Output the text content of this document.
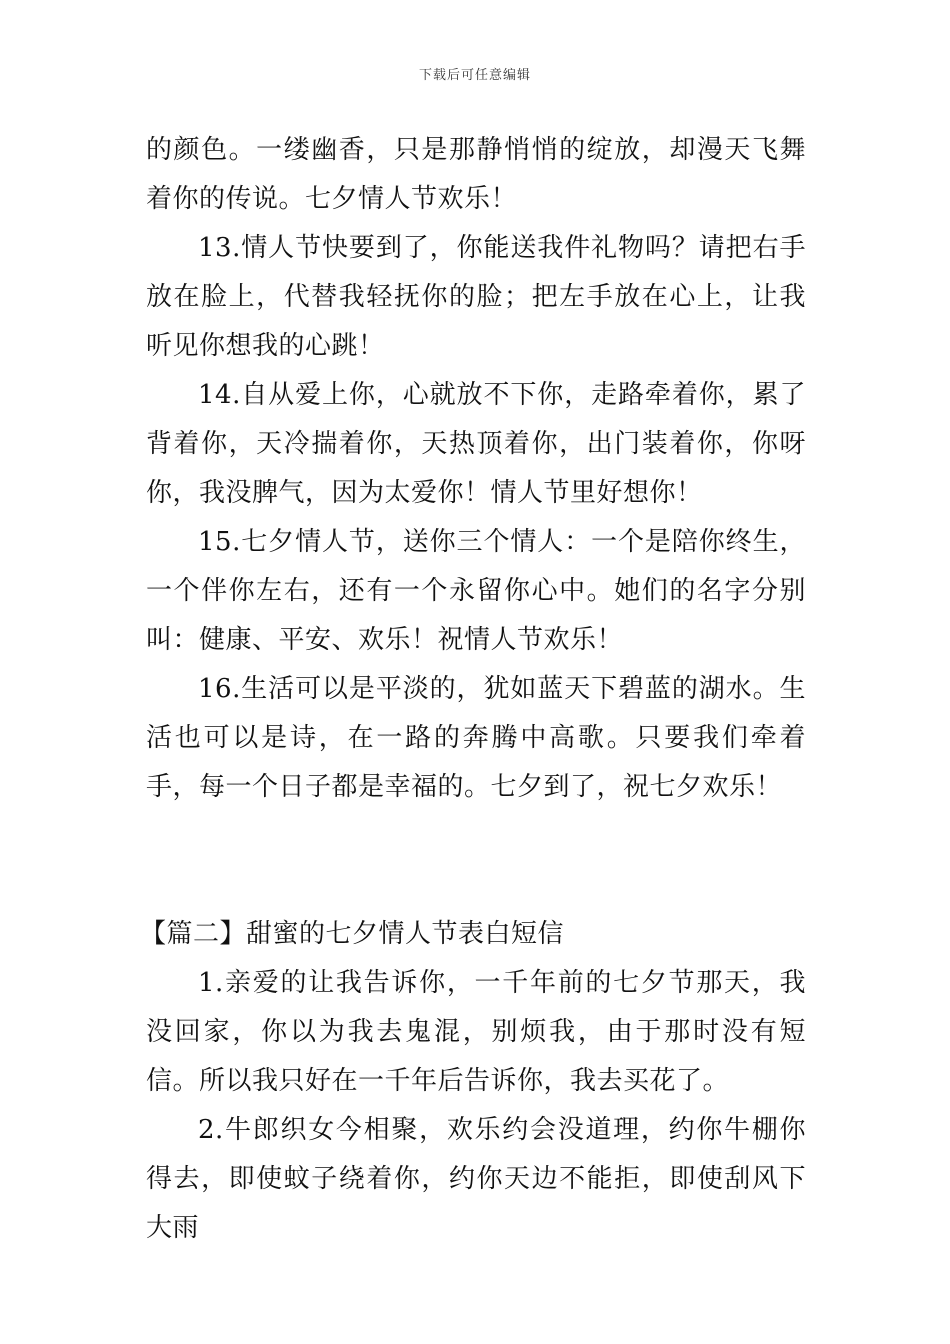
下载后可任意编辑

的颜色。一缕幽香，只是那静悄悄的绽放，却漫天飞舞着你的传说。七夕情人节欢乐！

13.情人节快要到了，你能送我件礼物吗？请把右手放在脸上，代替我轻抚你的脸；把左手放在心上，让我听见你想我的心跳！

14.自从爱上你，心就放不下你，走路牵着你，累了背着你，天冷揣着你，天热顶着你，出门装着你，你呀你，我没脾气，因为太爱你！情人节里好想你！

15.七夕情人节，送你三个情人：一个是陪你终生，一个伴你左右，还有一个永留你心中。她们的名字分别叫：健康、平安、欢乐！祝情人节欢乐！

16.生活可以是平淡的，犹如蓝天下碧蓝的湖水。生活也可以是诗，在一路的奔腾中高歌。只要我们牵着手，每一个日子都是幸福的。七夕到了，祝七夕欢乐！

【篇二】甜蜜的七夕情人节表白短信

1.亲爱的让我告诉你，一千年前的七夕节那天，我没回家，你以为我去鬼混，别烦我，由于那时没有短信。所以我只好在一千年后告诉你，我去买花了。

2.牛郎织女今相聚，欢乐约会没道理，约你牛棚你得去，即使蚊子绕着你，约你天边不能拒，即使刮风下大雨
